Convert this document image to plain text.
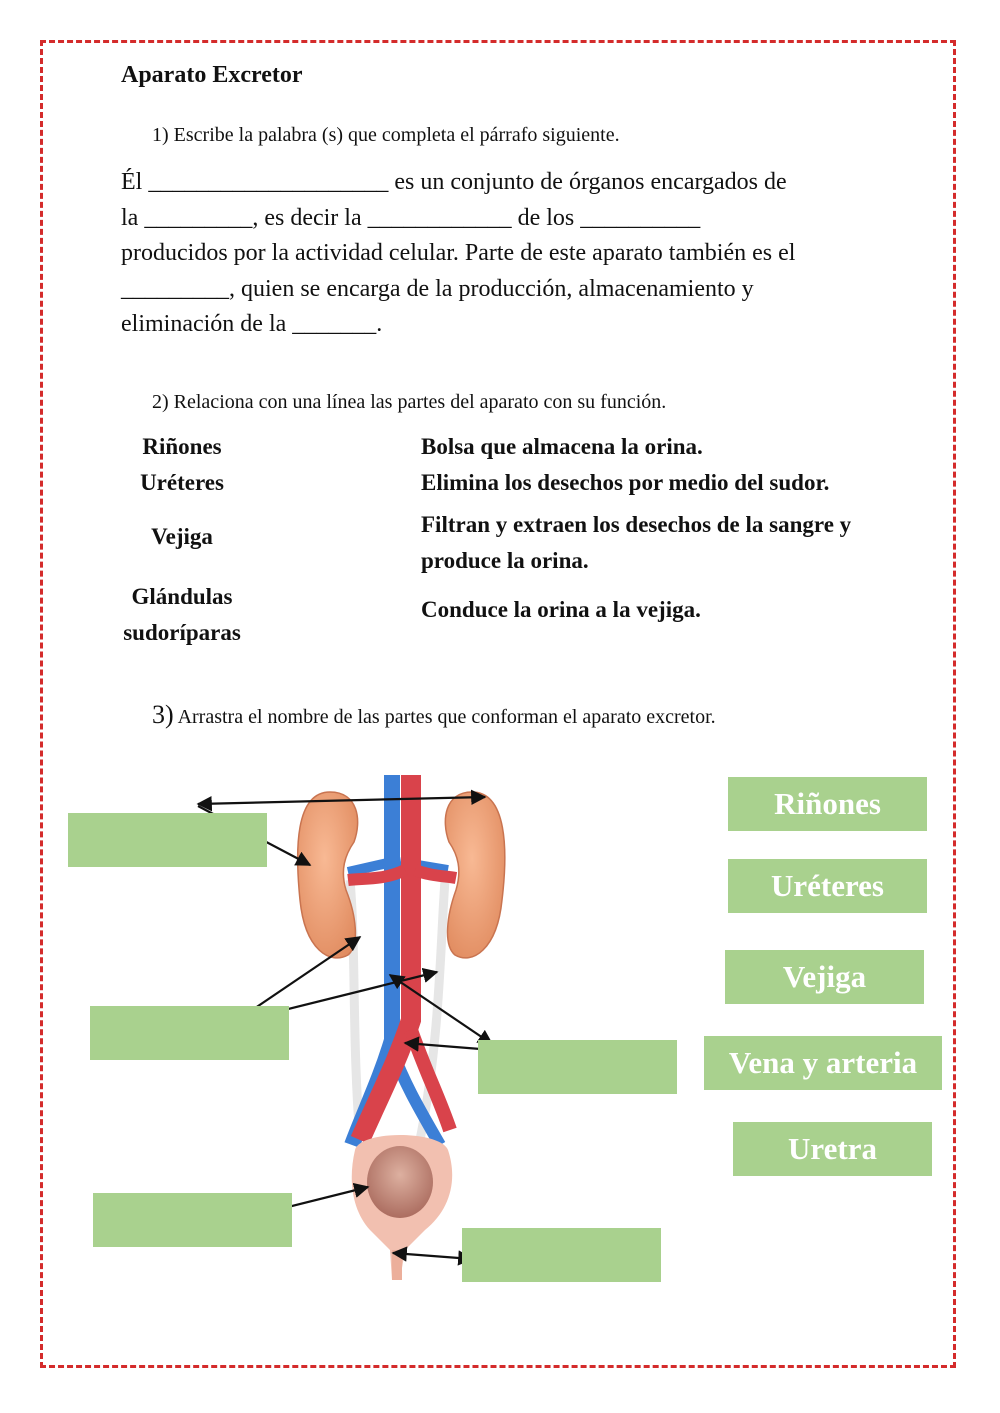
Aparato Excretor
1) Escribe la palabra (s) que completa el párrafo siguiente.
Él ____________________ es un conjunto de órganos encargados de
la _________, es decir la ____________ de los __________
producidos por la actividad celular. Parte de este aparato también es el
_________, quien se encarga de la producción, almacenamiento y
eliminación de la _______.
2) Relaciona con una línea las partes del aparato con su función.
Riñones
Uréteres
Vejiga
Glándulas sudoríparas
Bolsa que almacena la orina.
Elimina los desechos por medio del sudor.
Filtran y extraen los desechos de la sangre y produce la orina.
Conduce la orina a la vejiga.
3) Arrastra el nombre de las partes que conforman el aparato excretor.
Riñones
Uréteres
Vejiga
Vena y arteria
Uretra
